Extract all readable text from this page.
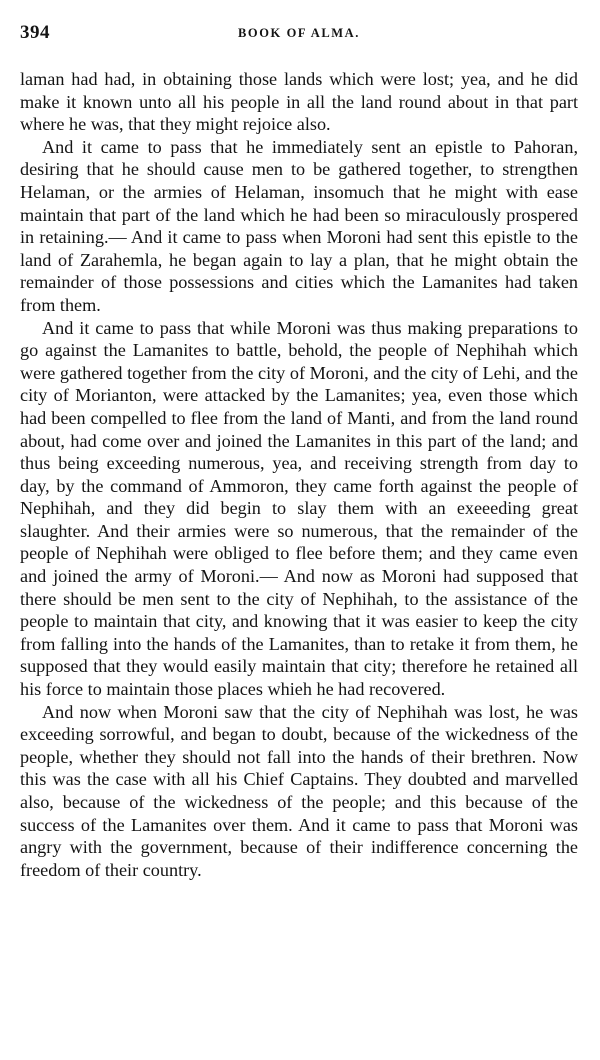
394	BOOK OF ALMA.

laman had had, in obtaining those lands which were lost; yea, and he did make it known unto all his people in all the land round about in that part where he was, that they might rejoice also.

And it came to pass that he immediately sent an epistle to Pahoran, desiring that he should cause men to be gathered together, to strengthen Helaman, or the armies of Helaman, insomuch that he might with ease maintain that part of the land which he had been so miraculously prospered in retaining.— And it came to pass when Moroni had sent this epistle to the land of Zarahemla, he began again to lay a plan, that he might obtain the remainder of those possessions and cities which the Lamanites had taken from them.

And it came to pass that while Moroni was thus making preparations to go against the Lamanites to battle, behold, the people of Nephihah which were gathered together from the city of Moroni, and the city of Lehi, and the city of Morianton, were attacked by the Lamanites; yea, even those which had been compelled to flee from the land of Manti, and from the land round about, had come over and joined the Lamanites in this part of the land; and thus being exceeding numerous, yea, and receiving strength from day to day, by the command of Ammoron, they came forth against the people of Nephihah, and they did begin to slay them with an exeeeding great slaughter. And their armies were so numerous, that the remainder of the people of Nephihah were obliged to flee before them; and they came even and joined the army of Moroni.— And now as Moroni had supposed that there should be men sent to the city of Nephihah, to the assistance of the people to maintain that city, and knowing that it was easier to keep the city from falling into the hands of the Lamanites, than to retake it from them, he supposed that they would easily maintain that city; therefore he retained all his force to maintain those places whieh he had recovered.

And now when Moroni saw that the city of Nephihah was lost, he was exceeding sorrowful, and began to doubt, because of the wickedness of the people, whether they should not fall into the hands of their brethren. Now this was the case with all his Chief Captains. They doubted and marvelled also, because of the wickedness of the people; and this because of the success of the Lamanites over them. And it came to pass that Moroni was angry with the government, because of their indifference concerning the freedom of their country.
